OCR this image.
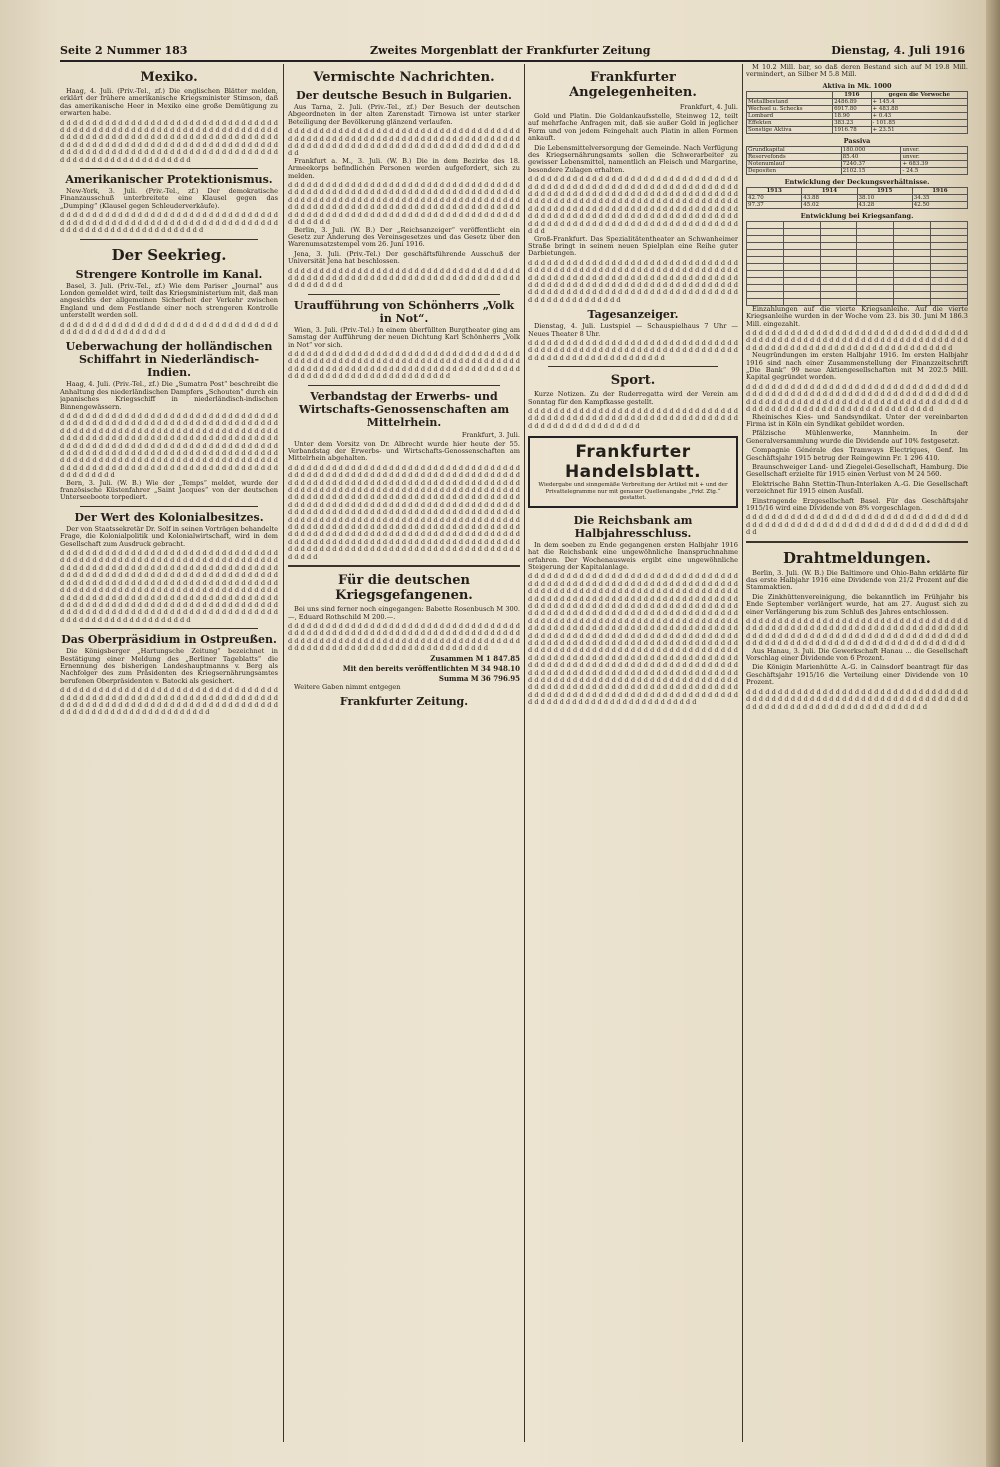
Seite 2 Nummer 183	Zweites Morgenblatt der Frankfurter Zeitung	Dienstag, 4. Juli 1916
Mexiko.

Haag, 4. Juli. (Priv.-Tel., zf.) Die englischen Blätter melden, erklärt der frühere amerikanische Kriegsminister Stimson, daß das amerikanische Heer in Mexiko eine große Demütigung zu erwarten habe.

d d d d d d d d d d d d d d d d d d d d d d d d d d d d d d d d d d d d d d d d d d d d d d d d d d d d d d d d d d d d d d d d d d d d d d d d d d d d d d d d d d d d d d d d d d d d d d d d d d d d d d d d d d d d d d d d d d d d d d d d d d d d d d d d d d d d d d d d d d d d d d d d d d d d d d d d d d d d d d d d d d d d d d d d d d d d d d d d d d d d d d d d d d d d d d d
Amerikanischer Protektionismus.

New-York, 3. Juli. (Priv.-Tel., zf.) Der demokratische Finanzausschuß unterbreitete eine Klausel gegen das „Dumping“ (Klausel gegen Schleuderverkäufe).

d d d d d d d d d d d d d d d d d d d d d d d d d d d d d d d d d d d d d d d d d d d d d d d d d d d d d d d d d d d d d d d d d d d d d d d d d d d d d d d d d d d d d d d d d d d
Der Seekrieg.
Strengere Kontrolle im Kanal.

Basel, 3. Juli. (Priv.-Tel., zf.) Wie dem Pariser „Journal“ aus London gemeldet wird, teilt das Kriegsministerium mit, daß man angesichts der allgemeinen Sicherheit der Verkehr zwischen England und dem Festlande einer noch strengeren Kontrolle unterstellt werden soll.

d d d d d d d d d d d d d d d d d d d d d d d d d d d d d d d d d d d d d d d d d d d d d d d d d d d
Ueberwachung der holländischen Schiffahrt in Niederländisch-Indien.

Haag, 4. Juli. (Priv.-Tel., zf.) Die „Sumatra Post“ beschreibt die Anhaltung des niederländischen Dampfers „Schouten“ durch ein japanisches Kriegsschiff in niederländisch-indischen Binnengewässern.

d d d d d d d d d d d d d d d d d d d d d d d d d d d d d d d d d d d d d d d d d d d d d d d d d d d d d d d d d d d d d d d d d d d d d d d d d d d d d d d d d d d d d d d d d d d d d d d d d d d d d d d d d d d d d d d d d d d d d d d d d d d d d d d d d d d d d d d d d d d d d d d d d d d d d d d d d d d d d d d d d d d d d d d d d d d d d d d d d d d d d d d d d d d d d d d d d d d d d d d d d d d d d d d d d d d d d d d d d d d d d d d d d d d d d d d d d d d d d d d d d d d d d d d d d d d d d d d d d d d d d d d d d d d d d d d d d d d d d d d d d

Bern, 3. Juli. (W. B.) Wie der „Temps“ meldet, wurde der französische Küstenfahrer „Saint Jacques“ von der deutschen Unterseeboote torpediert.

Der Wert des Kolonialbesitzes.

Der von Staatssekretär Dr. Solf in seinen Vorträgen behandelte Frage, die Kolonialpolitik und Kolonialwirtschaft, wird in dem Gesellschaft zum Ausdruck gebracht.

d d d d d d d d d d d d d d d d d d d d d d d d d d d d d d d d d d d d d d d d d d d d d d d d d d d d d d d d d d d d d d d d d d d d d d d d d d d d d d d d d d d d d d d d d d d d d d d d d d d d d d d d d d d d d d d d d d d d d d d d d d d d d d d d d d d d d d d d d d d d d d d d d d d d d d d d d d d d d d d d d d d d d d d d d d d d d d d d d d d d d d d d d d d d d d d d d d d d d d d d d d d d d d d d d d d d d d d d d d d d d d d d d d d d d d d d d d d d d d d d d d d d d d d d d d d d d d d d d d d d d d d d d d d d d d d d d d d d d d d d d d d d d d d d d d d d d d d d d d d d d d d d d d d d d d d d d d d d d d d d d d d d d d d
Das Oberpräsidium in Ostpreußen.

Die Königsberger „Hartungsche Zeitung“ bezeichnet in Bestätigung einer Meldung des „Berliner Tageblatts“ die Ernennung des bisherigen Landeshauptmanns v. Berg als Nachfolger des zum Präsidenten des Kriegsernährungsamtes berufenen Oberpräsidenten v. Batocki als gesichert.

d d d d d d d d d d d d d d d d d d d d d d d d d d d d d d d d d d d d d d d d d d d d d d d d d d d d d d d d d d d d d d d d d d d d d d d d d d d d d d d d d d d d d d d d d d d d d d d d d d d d d d d d d d d d d d d d d d d d d d d d d d d d d d
Vermischte Nachrichten.
Der deutsche Besuch in Bulgarien.

Aus Tarna, 2. Juli. (Priv.-Tel., zf.) Der Besuch der deutschen Abgeordneten in der alten Zarenstadt Tirnowa ist unter starker Beteiligung der Bevölkerung glänzend verlaufen.

d d d d d d d d d d d d d d d d d d d d d d d d d d d d d d d d d d d d d d d d d d d d d d d d d d d d d d d d d d d d d d d d d d d d d d d d d d d d d d d d d d d d d d d d d d d d d d d d d d d d d d d d d d d d d d d d d

Frankfurt a. M., 3. Juli. (W. B.) Die in dem Bezirke des 18. Armeekorps befindlichen Personen werden aufgefordert, sich zu melden.

d d d d d d d d d d d d d d d d d d d d d d d d d d d d d d d d d d d d d d d d d d d d d d d d d d d d d d d d d d d d d d d d d d d d d d d d d d d d d d d d d d d d d d d d d d d d d d d d d d d d d d d d d d d d d d d d d d d d d d d d d d d d d d d d d d d d d d d d d d d d d d d d d d d d d d d d d d d d d d d d d d d d d d d d d d d d d d d d d d d d d d d d d d d d d d d d

Berlin, 3. Juli. (W. B.) Der „Reichsanzeiger“ veröffentlicht ein Gesetz zur Änderung des Vereinsgesetzes und das Gesetz über den Warenumsatzstempel vom 26. Juni 1916.

Jena, 3. Juli. (Priv.-Tel.) Der geschäftsführende Ausschuß der Universität Jena hat beschlossen.

d d d d d d d d d d d d d d d d d d d d d d d d d d d d d d d d d d d d d d d d d d d d d d d d d d d d d d d d d d d d d d d d d d d d d d d d d d d d d d d d d d d
Uraufführung von Schönherrs „Volk in Not“.

Wien, 3. Juli. (Priv.-Tel.) In einem überfüllten Burgtheater ging am Samstag der Aufführung der neuen Dichtung Karl Schönherrs „Volk in Not“ vor sich.

d d d d d d d d d d d d d d d d d d d d d d d d d d d d d d d d d d d d d d d d d d d d d d d d d d d d d d d d d d d d d d d d d d d d d d d d d d d d d d d d d d d d d d d d d d d d d d d d d d d d d d d d d d d d d d d d d d d d d d d d d d d d d d d d d d d d d d d d d
Verbandstag der Erwerbs- und Wirtschafts-Genossenschaften am Mittelrhein.
Frankfurt, 3. Juli.

Unter dem Vorsitz von Dr. Albrecht wurde hier heute der 55. Verbandstag der Erwerbs- und Wirtschafts-Genossenschaften am Mittelrhein abgehalten.

d d d d d d d d d d d d d d d d d d d d d d d d d d d d d d d d d d d d d d d d d d d d d d d d d d d d d d d d d d d d d d d d d d d d d d d d d d d d d d d d d d d d d d d d d d d d d d d d d d d d d d d d d d d d d d d d d d d d d d d d d d d d d d d d d d d d d d d d d d d d d d d d d d d d d d d d d d d d d d d d d d d d d d d d d d d d d d d d d d d d d d d d d d d d d d d d d d d d d d d d d d d d d d d d d d d d d d d d d d d d d d d d d d d d d d d d d d d d d d d d d d d d d d d d d d d d d d d d d d d d d d d d d d d d d d d d d d d d d d d d d d d d d d d d d d d d d d d d d d d d d d d d d d d d d d d d d d d d d d d d d d d d d d d d d d d d d d d d d d d d d d d d d d d d d d d d d d d d d d d d d d d d d d d d d d d d d d d d d d d d d d d d d d d d d d d d d d d d d d d d d d d d d d d d d d d d d d d d d d d d d d d d d d d d d d d d d d d d d d d d d d d d d d d d d
Für die deutschen Kriegsgefangenen.

Bei uns sind ferner noch eingegangen: Babette Rosenbusch M 300.—, Eduard Rothschild M 200.—.

d d d d d d d d d d d d d d d d d d d d d d d d d d d d d d d d d d d d d d d d d d d d d d d d d d d d d d d d d d d d d d d d d d d d d d d d d d d d d d d d d d d d d d d d d d d d d d d d d d d d d d d d d d d d d d d d d d d d d d d d d d d d d d d d d d d d d d d d d d d d d d d
Zusammen M 1 847.85
Mit den bereits veröffentlichten M 34 948.10
Summa M 36 796.95

Weitere Gaben nimmt entgegen

Frankfurter Zeitung.
Frankfurter Angelegenheiten.
Frankfurt, 4. Juli.

Gold und Platin. Die Goldankaufsstelle, Steinweg 12, teilt auf mehrfache Anfragen mit, daß sie außer Gold in jeglicher Form und von jedem Feingehalt auch Platin in allen Formen ankauft.

Die Lebensmittelversorgung der Gemeinde. Nach Verfügung des Kriegsernährungsamts sollen die Schwerarbeiter zu gewisser Lebensmittel, namentlich an Fleisch und Margarine, besondere Zulagen erhalten.

d d d d d d d d d d d d d d d d d d d d d d d d d d d d d d d d d d d d d d d d d d d d d d d d d d d d d d d d d d d d d d d d d d d d d d d d d d d d d d d d d d d d d d d d d d d d d d d d d d d d d d d d d d d d d d d d d d d d d d d d d d d d d d d d d d d d d d d d d d d d d d d d d d d d d d d d d d d d d d d d d d d d d d d d d d d d d d d d d d d d d d d d d d d d d d d d d d d d d d d d d d d d d d d d d d d d d d d d d d d d d d d d d d d d d d d d d d

Groß-Frankfurt. Das Spezialitätentheater an Schwanheimer Straße bringt in seinem neuen Spielplan eine Reihe guter Darbietungen.

d d d d d d d d d d d d d d d d d d d d d d d d d d d d d d d d d d d d d d d d d d d d d d d d d d d d d d d d d d d d d d d d d d d d d d d d d d d d d d d d d d d d d d d d d d d d d d d d d d d d d d d d d d d d d d d d d d d d d d d d d d d d d d d d d d d d d d d d d d d d d d d d d d d d d d d d d d d d d d d d d d d d d d d d d d d d d d d d d d d d
Tagesanzeiger.

Dienstag, 4. Juli. Lustspiel — Schauspielhaus 7 Uhr — Neues Theater 8 Uhr.

d d d d d d d d d d d d d d d d d d d d d d d d d d d d d d d d d d d d d d d d d d d d d d d d d d d d d d d d d d d d d d d d d d d d d d d d d d d d d d d d d d d d d d d d
Sport.

Kurze Notizen. Zu der Ruderregatta wird der Verein am Sonntag für den Kampfkasse gestellt.

d d d d d d d d d d d d d d d d d d d d d d d d d d d d d d d d d d d d d d d d d d d d d d d d d d d d d d d d d d d d d d d d d d d d d d d d d d d d d d d d d d d d
Frankfurter Handelsblatt.
Wiedergabe und sinngemäße Verbreitung der Artikel mit + und der Privattelegramme nur mit genauer Quellenangabe „Frkf. Ztg.“ gestattet.
Die Reichsbank am Halbjahresschluss.

In dem soeben zu Ende gegangenen ersten Halbjahr 1916 hat die Reichsbank eine ungewöhnliche Inanspruchnahme erfahren. Der Wochenausweis ergibt eine ungewöhnliche Steigerung der Kapitalanlage.

d d d d d d d d d d d d d d d d d d d d d d d d d d d d d d d d d d d d d d d d d d d d d d d d d d d d d d d d d d d d d d d d d d d d d d d d d d d d d d d d d d d d d d d d d d d d d d d d d d d d d d d d d d d d d d d d d d d d d d d d d d d d d d d d d d d d d d d d d d d d d d d d d d d d d d d d d d d d d d d d d d d d d d d d d d d d d d d d d d d d d d d d d d d d d d d d d d d d d d d d d d d d d d d d d d d d d d d d d d d d d d d d d d d d d d d d d d d d d d d d d d d d d d d d d d d d d d d d d d d d d d d d d d d d d d d d d d d d d d d d d d d d d d d d d d d d d d d d d d d d d d d d d d d d d d d d d d d d d d d d d d d d d d d d d d d d d d d d d d d d d d d d d d d d d d d d d d d d d d d d d d d d d d d d d d d d d d d d d d d d d d d d d d d d d d d d d d d d d d d d d d d d d d d d d d d d d d d d d d d d d d d d d d d d d d d d d d d d d d d d d d d d d d d d d d d d d d d d d d d d d d d d d d d d d d d d d d d d d d d d d d d d d d d d d d d d d d d d d d d d d d d d d d d d d d d d d d d d d d d d d d d d d d d d d d d d d d d d d d d d d d d d d d d d d d d d d d d d d d d d d d d d d d d d d d d d d d d d d d d d d d d d d d d d

M 10.2 Mill. bar, so daß deren Bestand sich auf M 19.8 Mill. vermindert, an Silber M 5.8 Mill.

Aktiva in Mk. 1000
	1916	gegen die Vorwoche
Metallbestand	2486.89	+ 145.4
Wechsel u. Schecks	6917.80	+ 483.88
Lombard	18.90	+ 0.43
Effekten	383.23	- 101.85
Sonstige Aktiva	1916.78	+ 23.51
Passiva
Grundkapital	180.000	unver.
Reservefonds	85.40	unver.
Notenumlauf	7240.37	+ 683.39
Depositen	2102.15	- 24.5
Entwicklung der Deckungsverhältnisse.
1913	1914	1915	1916
42.70	43.88	38.10	34.35
97.37	45.02	43.28	42.50
Entwicklung bei Kriegsanfang.

Einzahlungen auf die vierte Kriegsanleihe. Auf die vierte Kriegsanleihe wurden in der Woche vom 23. bis 30. Juni M 186.3 Mill. eingezahlt.

d d d d d d d d d d d d d d d d d d d d d d d d d d d d d d d d d d d d d d d d d d d d d d d d d d d d d d d d d d d d d d d d d d d d d d d d d d d d d d d d d d d d d d d d d d d d d d d d d d d d d d d

Neugründungen im ersten Halbjahr 1916. Im ersten Halbjahr 1916 sind nach einer Zusammenstellung der Finanzzeitschrift „Die Bank“ 99 neue Aktiengesellschaften mit M 202.5 Mill. Kapital gegründet worden.

d d d d d d d d d d d d d d d d d d d d d d d d d d d d d d d d d d d d d d d d d d d d d d d d d d d d d d d d d d d d d d d d d d d d d d d d d d d d d d d d d d d d d d d d d d d d d d d d d d d d d d d d d d d d d d d d d d d d d d d d d d d d d d d d d d d d d d d

Rheinisches Kies- und Sandsyndikat. Unter der vereinbarten Firma ist in Köln ein Syndikat gebildet worden.

Pfälzische Mühlenwerke, Mannheim. In der Generalversammlung wurde die Dividende auf 10% festgesetzt.

Compagnie Générale des Tramways Électriques, Genf. Im Geschäftsjahr 1915 betrug der Reingewinn Fr. 1 296 410.

Braunschweiger Land- und Ziegelei-Gesellschaft, Hamburg. Die Gesellschaft erzielte für 1915 einen Verlust von M 24 560.

Elektrische Bahn Stettin-Thun-Interlaken A.-G. Die Gesellschaft verzeichnet für 1915 einen Ausfall.

Einstragende Erzgesellschaft Basel. Für das Geschäftsjahr 1915/16 wird eine Dividende von 8% vorgeschlagen.

d d d d d d d d d d d d d d d d d d d d d d d d d d d d d d d d d d d d d d d d d d d d d d d d d d d d d d d d d d d d d d d d d d d d d d d d
Drahtmeldungen.

Berlin, 3. Juli. (W. B.) Die Baltimore und Ohio-Bahn erklärte für das erste Halbjahr 1916 eine Dividende von 21/2 Prozent auf die Stammaktien.

Die Zinkhüttenvereinigung, die bekanntlich im Frühjahr bis Ende September verlängert wurde, hat am 27. August sich zu einer Verlängerung bis zum Schluß des Jahres entschlossen.

d d d d d d d d d d d d d d d d d d d d d d d d d d d d d d d d d d d d d d d d d d d d d d d d d d d d d d d d d d d d d d d d d d d d d d d d d d d d d d d d d d d d d d d d d d d d d d d d d d d d d d d d d d d d d d d d d d d d d d d d d d d d d d d d d d d d d d d d d d d d

Aus Hanau, 3. Juli. Die Gewerkschaft Hanau ... die Gesellschaft Vorschlag einer Dividende von 6 Prozent.

Die Königin Marienhütte A.-G. in Cainsdorf beantragt für das Geschäftsjahr 1915/16 die Verteilung einer Dividende von 10 Prozent.

d d d d d d d d d d d d d d d d d d d d d d d d d d d d d d d d d d d d d d d d d d d d d d d d d d d d d d d d d d d d d d d d d d d d d d d d d d d d d d d d d d d d d d d d d d d d d d d d d d d
